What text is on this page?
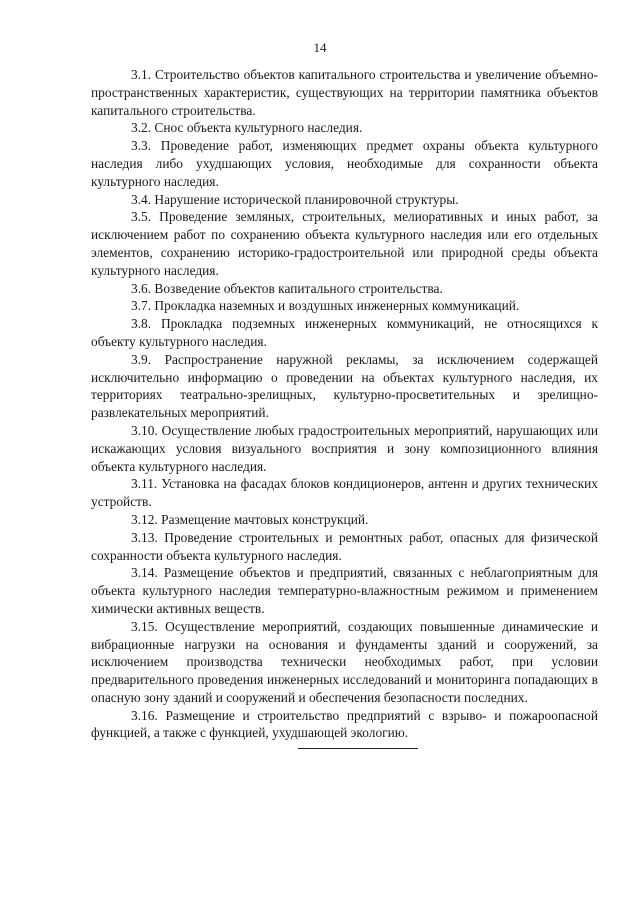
14

3.1. Строительство объектов капитального строительства и увеличение объемно-пространственных характеристик, существующих на территории памятника объектов капитального строительства.

3.2. Снос объекта культурного наследия.

3.3. Проведение работ, изменяющих предмет охраны объекта культурного наследия либо ухудшающих условия, необходимые для сохранности объекта культурного наследия.

3.4. Нарушение исторической планировочной структуры.

3.5. Проведение земляных, строительных, мелиоративных и иных работ, за исключением работ по сохранению объекта культурного наследия или его отдельных элементов, сохранению историко-градостроительной или природной среды объекта культурного наследия.

3.6. Возведение объектов капитального строительства.

3.7. Прокладка наземных и воздушных инженерных коммуникаций.

3.8. Прокладка подземных инженерных коммуникаций, не относящихся к объекту культурного наследия.

3.9. Распространение наружной рекламы, за исключением содержащей исключительно информацию о проведении на объектах культурного наследия, их территориях театрально-зрелищных, культурно-просветительных и зрелищно-развлекательных мероприятий.

3.10. Осуществление любых градостроительных мероприятий, нарушающих или искажающих условия визуального восприятия и зону композиционного влияния объекта культурного наследия.

3.11. Установка на фасадах блоков кондиционеров, антенн и других технических устройств.

3.12. Размещение мачтовых конструкций.

3.13. Проведение строительных и ремонтных работ, опасных для физической сохранности объекта культурного наследия.

3.14. Размещение объектов и предприятий, связанных с неблагоприятным для объекта культурного наследия температурно-влажностным режимом и применением химически активных веществ.

3.15. Осуществление мероприятий, создающих повышенные динамические и вибрационные нагрузки на основания и фундаменты зданий и сооружений, за исключением производства технически необходимых работ, при условии предварительного проведения инженерных исследований и мониторинга попадающих в опасную зону зданий и сооружений и обеспечения безопасности последних.

3.16. Размещение и строительство предприятий с взрыво- и пожароопасной функцией, а также с функцией, ухудшающей экологию.
